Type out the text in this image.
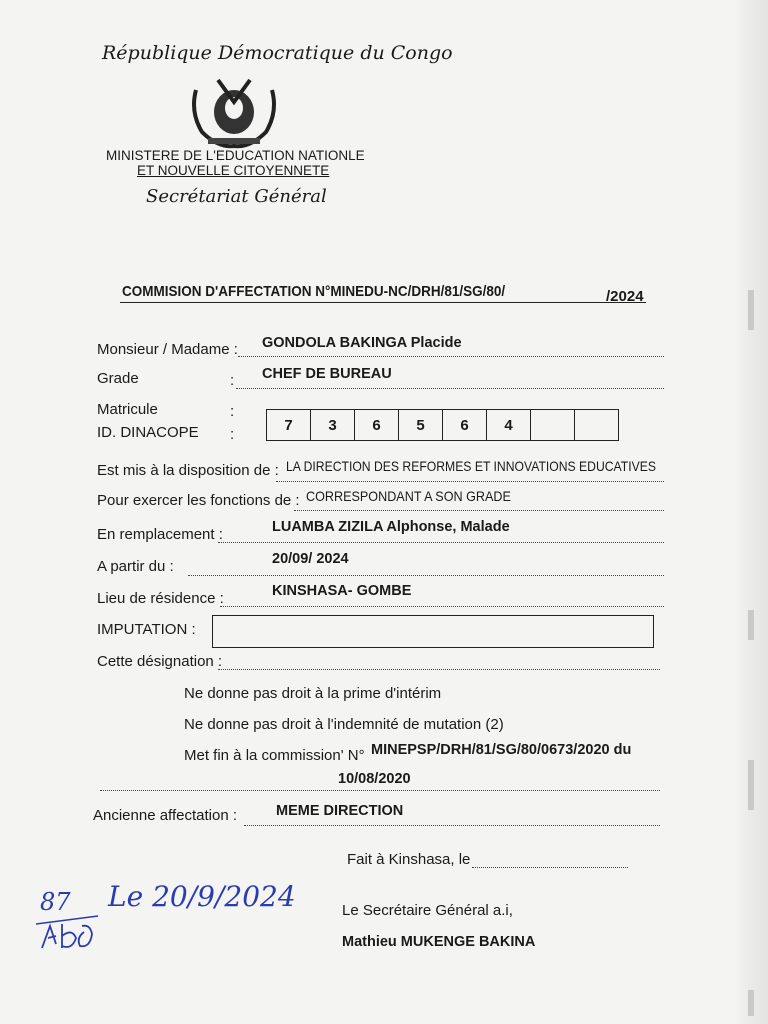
République Démocratique du Congo
MINISTERE DE L'EDUCATION NATIONLE
ET NOUVELLE CITOYENNETE
Secrétariat Général
COMMISION D'AFFECTATION N°MINEDU-NC/DRH/81/SG/80/	/2024
Monsieur / Madame : GONDOLA BAKINGA Placide
Grade	: CHEF DE BUREAU
Matricule	:
ID. DINACOPE :
7	3	6	5	6	4
Est mis à la disposition de : LA DIRECTION DES REFORMES ET INNOVATIONS EDUCATIVES
Pour exercer les fonctions de : CORRESPONDANT A SON GRADE
En remplacement :	LUAMBA ZIZILA Alphonse, Malade
A partir du :	20/09/ 2024
Lieu de résidence :	KINSHASA- GOMBE
IMPUTATION :
Cette désignation :
Ne donne pas droit à la prime d'intérim
Ne donne pas droit à l'indemnité de mutation (2)
Met fin à la commission' N° MINEPSP/DRH/81/SG/80/0673/2020 du
10/08/2020
Ancienne affectation :	MEME DIRECTION
Fait à Kinshasa, le
Le Secrétaire Général a.i,
Mathieu MUKENGE BAKINA
87 Le 20/9/2024
